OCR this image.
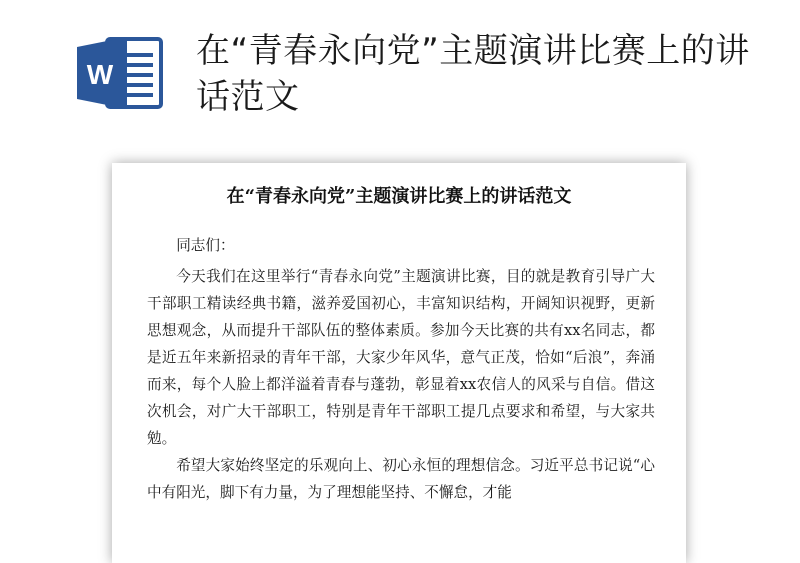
W
在“青春永向党”主题演讲比赛上的讲话范文
在“青春永向党”主题演讲比赛上的讲话范文

同志们：

今天我们在这里举行“青春永向党”主题演讲比赛，目的就是教育引导广大干部职工精读经典书籍，滋养爱国初心，丰富知识结构，开阔知识视野，更新思想观念，从而提升干部队伍的整体素质。参加今天比赛的共有xx名同志，都是近五年来新招录的青年干部，大家少年风华，意气正茂，恰如“后浪”，奔涌而来，每个人脸上都洋溢着青春与蓬勃，彰显着xx农信人的风采与自信。借这次机会，对广大干部职工，特别是青年干部职工提几点要求和希望，与大家共勉。

希望大家始终坚定的乐观向上、初心永恒的理想信念。习近平总书记说“心中有阳光，脚下有力量，为了理想能坚持、不懈怠，才能
